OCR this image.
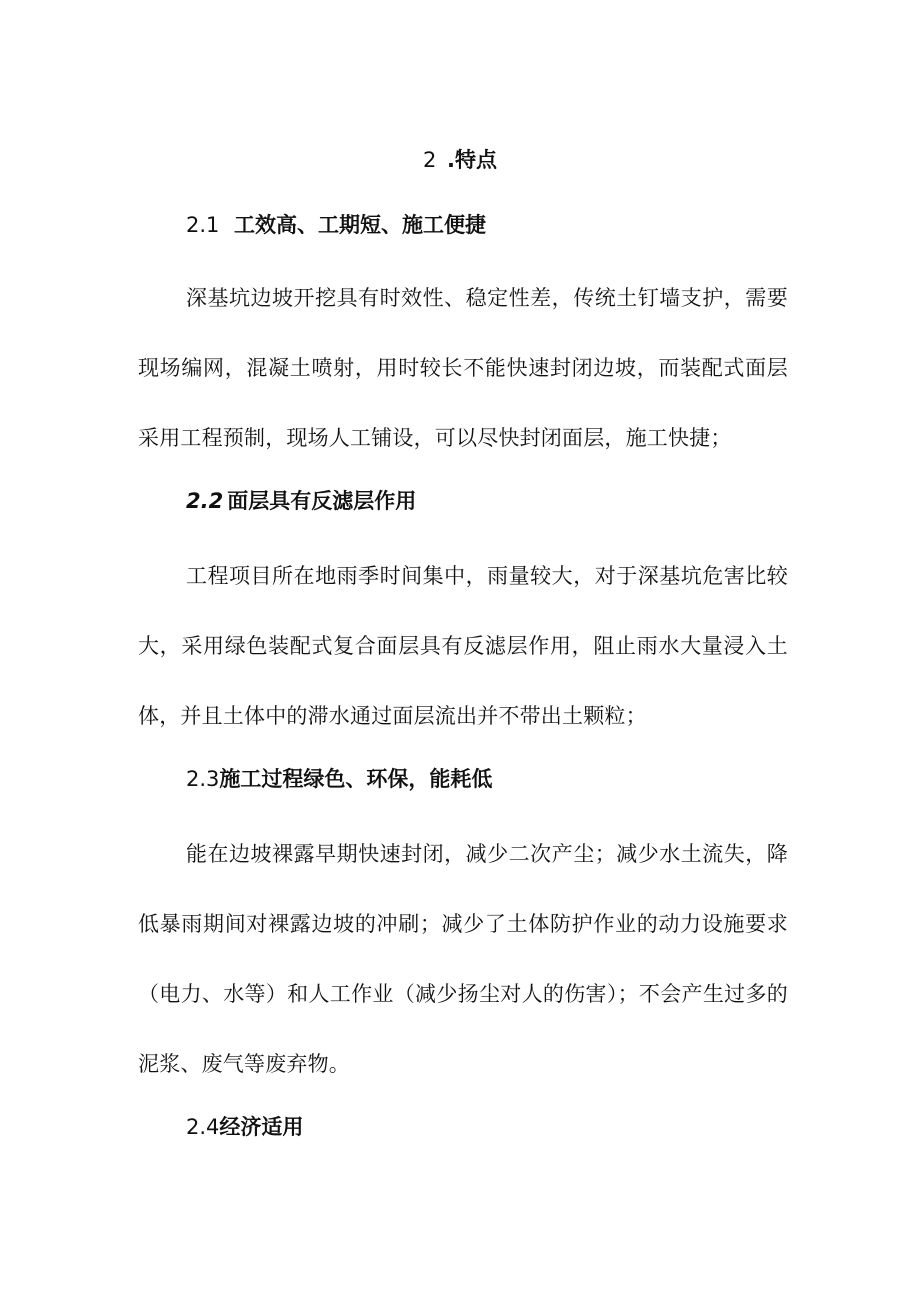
2 .特点
2.1 工效高、工期短、施工便捷

深基坑边坡开挖具有时效性、稳定性差，传统土钉墙支护，需要现场编网，混凝土喷射，用时较长不能快速封闭边坡，而装配式面层采用工程预制，现场人工铺设，可以尽快封闭面层，施工快捷；

2.2 面层具有反滤层作用

工程项目所在地雨季时间集中，雨量较大，对于深基坑危害比较大，采用绿色装配式复合面层具有反滤层作用，阻止雨水大量浸入土体，并且土体中的滞水通过面层流出并不带出土颗粒；

2.3施工过程绿色、环保，能耗低

能在边坡裸露早期快速封闭，减少二次产尘；减少水土流失，降低暴雨期间对裸露边坡的冲刷；减少了土体防护作业的动力设施要求（电力、水等）和人工作业（减少扬尘对人的伤害）；不会产生过多的泥浆、废气等废弃物。

2.4经济适用
